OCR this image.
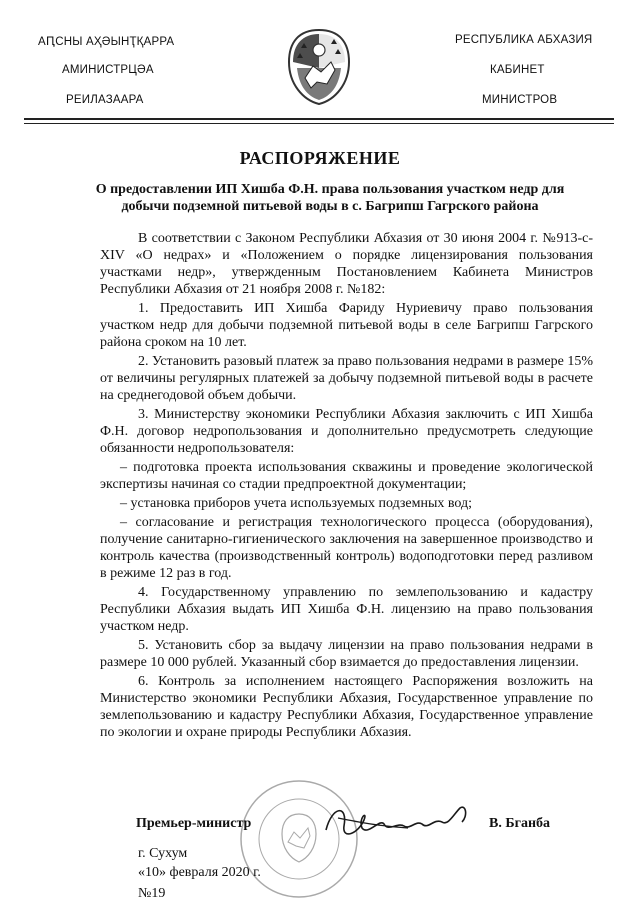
АԤСНЫ АҲӘЫНҬҚАРРА
АМИНИСТРЦӘА
РЕИЛАЗААРА
РЕСПУБЛИКА АБХАЗИЯ
КАБИНЕТ
МИНИСТРОВ
РАСПОРЯЖЕНИЕ
О предоставлении ИП Хишба Ф.Н. права пользования участком недр для добычи подземной питьевой воды в с. Багрипш Гагрского района

В соответствии с Законом Республики Абхазия от 30 июня 2004 г. №913-с-XIV «О недрах» и «Положением о порядке лицензирования пользования участками недр», утвержденным Постановлением Кабинета Министров Республики Абхазия от 21 ноября 2008 г. №182:

1. Предоставить ИП Хишба Фариду Нуриевичу право пользования участком недр для добычи подземной питьевой воды в селе Багрипш Гагрского района сроком на 10 лет.

2. Установить разовый платеж за право пользования недрами в размере 15% от величины регулярных платежей за добычу подземной питьевой воды в расчете на среднегодовой объем добычи.

3. Министерству экономики Республики Абхазия заключить с ИП Хишба Ф.Н. договор недропользования и дополнительно предусмотреть следующие обязанности недропользователя:

– подготовка проекта использования скважины и проведение экологической экспертизы начиная со стадии предпроектной документации;

– установка приборов учета используемых подземных вод;

– согласование и регистрация технологического процесса (оборудования), получение санитарно-гигиенического заключения на завершенное производство и контроль качества (производственный контроль) водоподготовки перед разливом в режиме 12 раз в год.

4. Государственному управлению по землепользованию и кадастру Республики Абхазия выдать ИП Хишба Ф.Н. лицензию на право пользования участком недр.

5. Установить сбор за выдачу лицензии на право пользования недрами в размере 10 000 рублей. Указанный сбор взимается до предоставления лицензии.

6. Контроль за исполнением настоящего Распоряжения возложить на Министерство экономики Республики Абхазия, Государственное управление по землепользованию и кадастру Республики Абхазия, Государственное управление по экологии и охране природы Республики Абхазия.

Премьер-министр	В. Бганба
г. Сухум
«10» февраля 2020 г.
№19
